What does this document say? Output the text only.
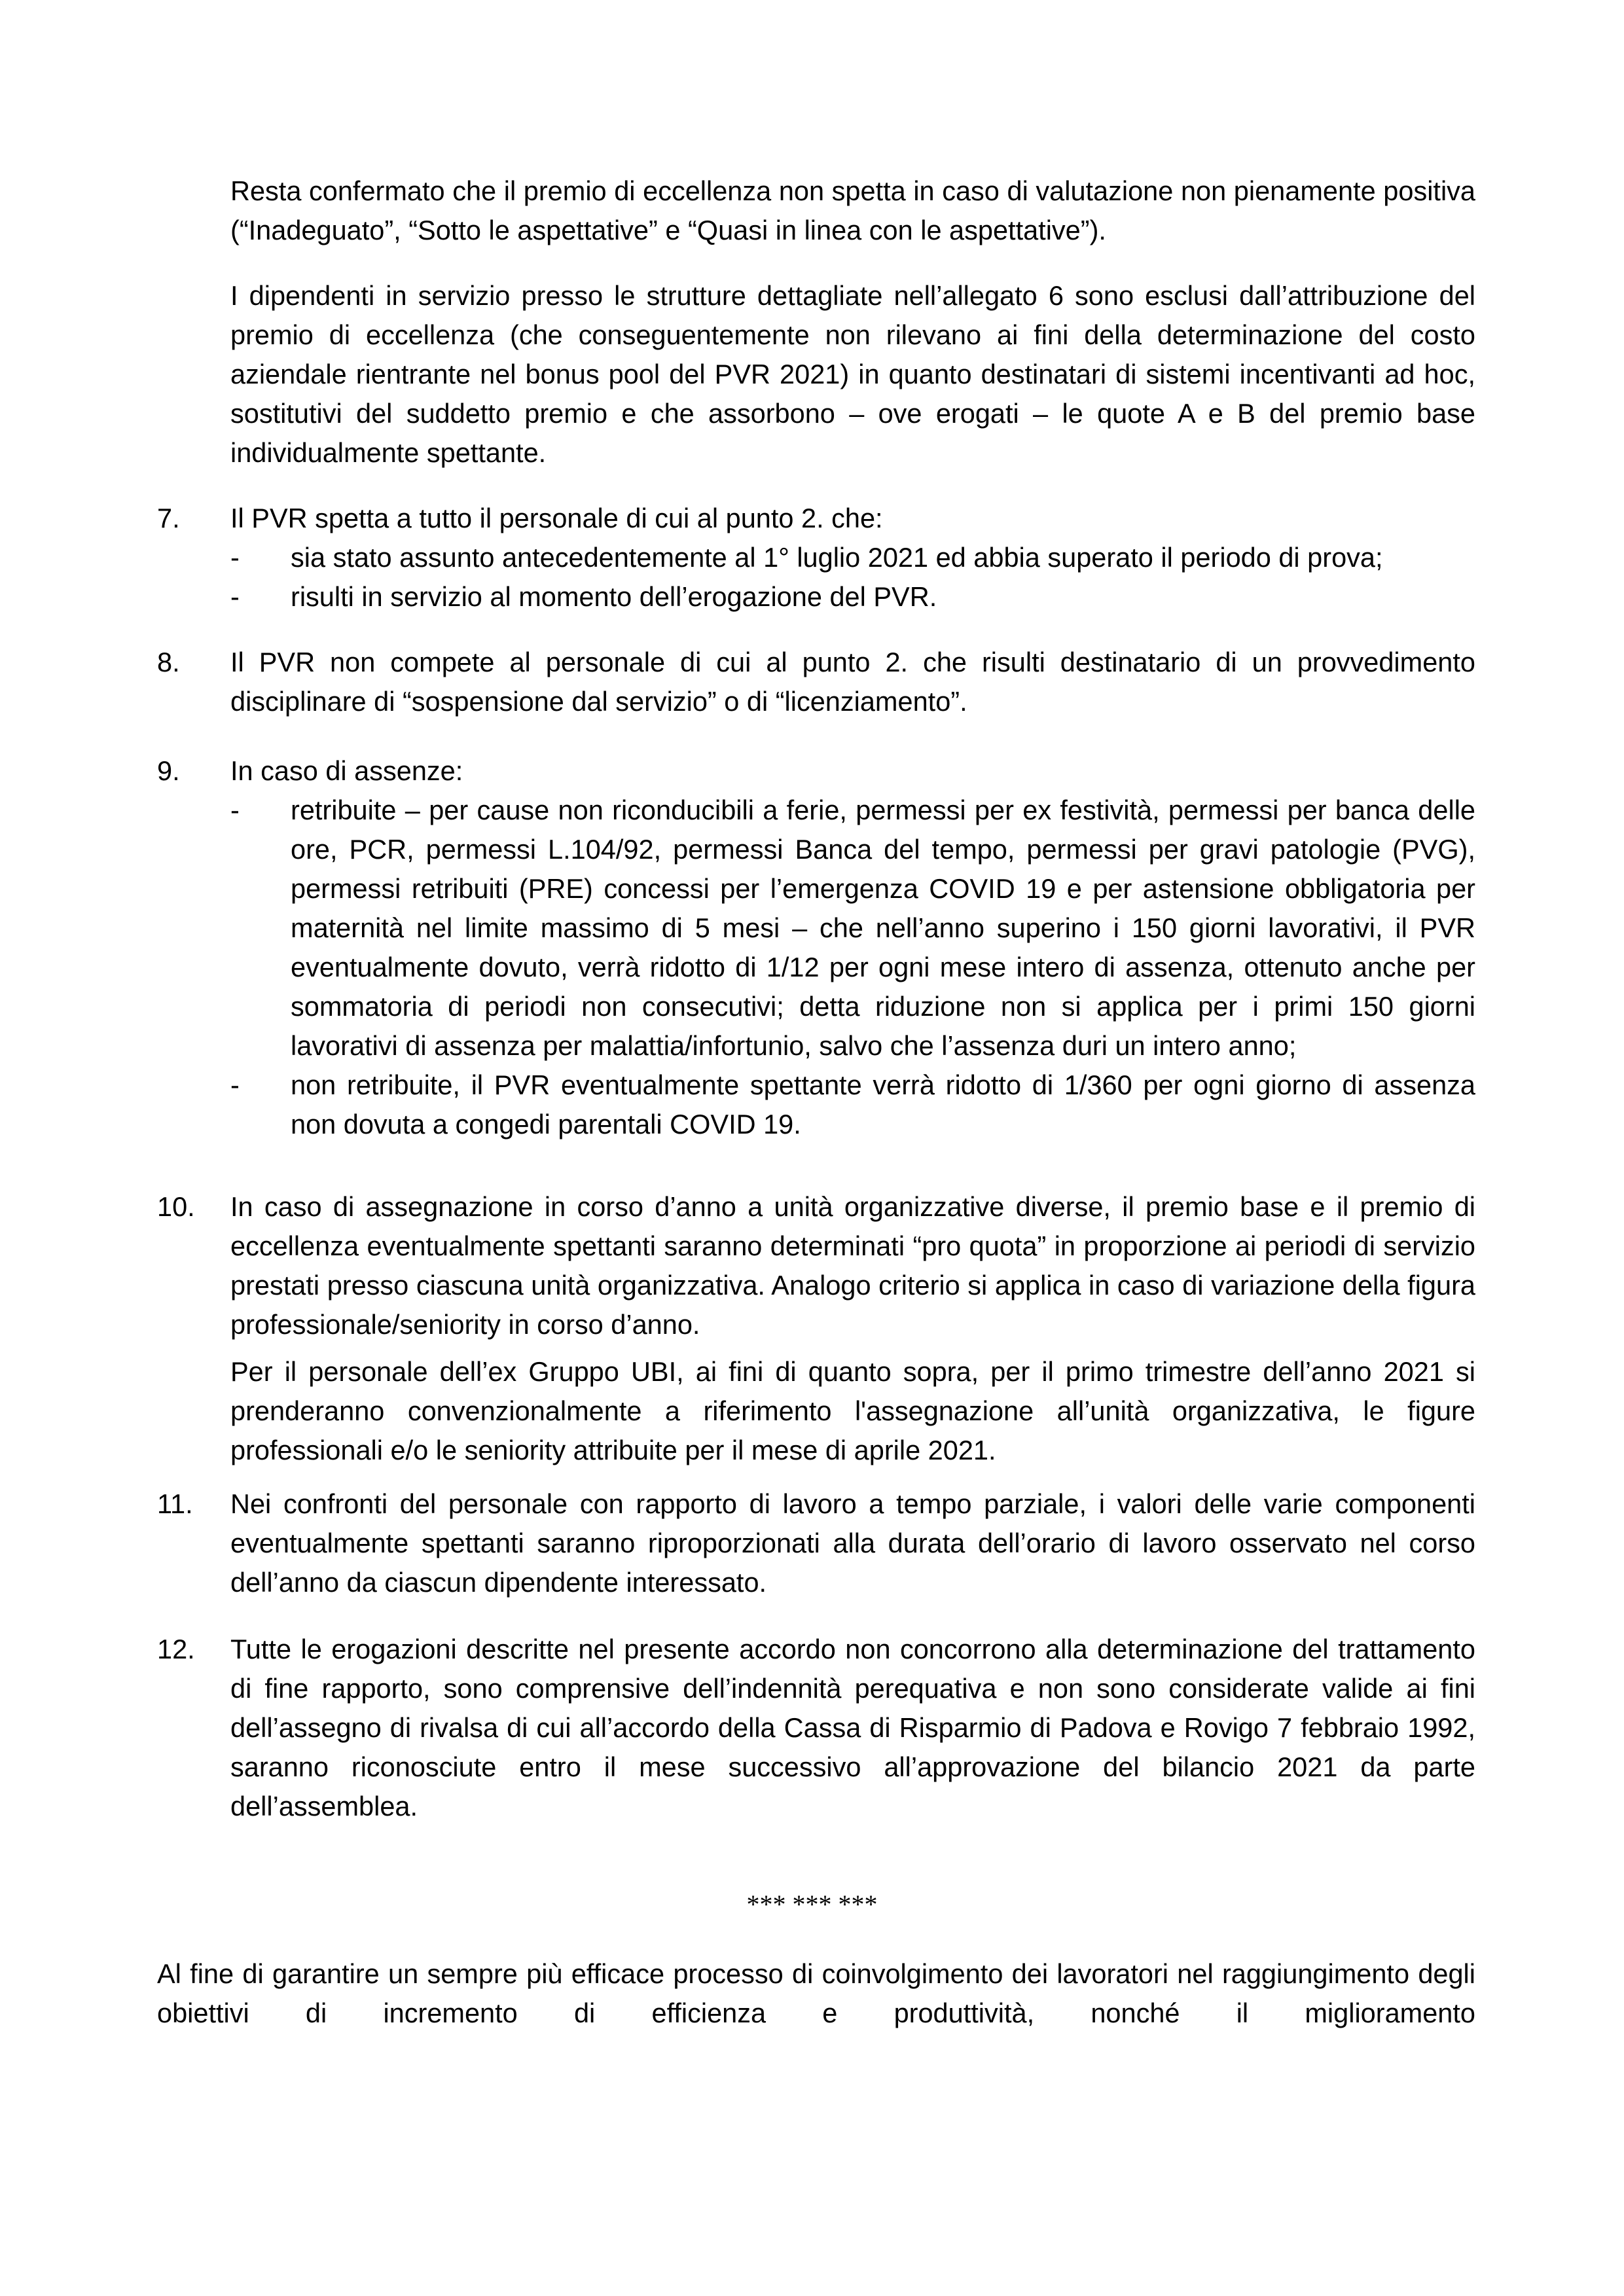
Resta confermato che il premio di eccellenza non spetta in caso di valutazione non pienamente positiva (“Inadeguato”, “Sotto le aspettative” e “Quasi in linea con le aspettative”).

I dipendenti in servizio presso le strutture dettagliate nell’allegato 6 sono esclusi dall’attribuzione del premio di eccellenza (che conseguentemente non rilevano ai fini della determinazione del costo aziendale rientrante nel bonus pool del PVR 2021) in quanto destinatari di sistemi incentivanti ad hoc, sostitutivi del suddetto premio e che assorbono – ove erogati – le quote A e B del premio base individualmente spettante.

7. Il PVR spetta a tutto il personale di cui al punto 2. che:

- sia stato assunto antecedentemente al 1° luglio 2021 ed abbia superato il periodo di prova;
- risulti in servizio al momento dell’erogazione del PVR.
8. Il PVR non compete al personale di cui al punto 2. che risulti destinatario di un provvedimento disciplinare di “sospensione dal servizio” o di “licenziamento”.

9. In caso di assenze:

- retribuite – per cause non riconducibili a ferie, permessi per ex festività, permessi per banca delle ore, PCR, permessi L.104/92, permessi Banca del tempo, permessi per gravi patologie (PVG), permessi retribuiti (PRE) concessi per l’emergenza COVID 19 e per astensione obbligatoria per maternità nel limite massimo di 5 mesi – che nell’anno superino i 150 giorni lavorativi, il PVR eventualmente dovuto, verrà ridotto di 1/12 per ogni mese intero di assenza, ottenuto anche per sommatoria di periodi non consecutivi; detta riduzione non si applica per i primi 150 giorni lavorativi di assenza per malattia/infortunio, salvo che l’assenza duri un intero anno;
- non retribuite, il PVR eventualmente spettante verrà ridotto di 1/360 per ogni giorno di assenza non dovuta a congedi parentali COVID 19.
10. In caso di assegnazione in corso d’anno a unità organizzative diverse, il premio base e il premio di eccellenza eventualmente spettanti saranno determinati “pro quota” in proporzione ai periodi di servizio prestati presso ciascuna unità organizzativa. Analogo criterio si applica in caso di variazione della figura professionale/seniority in corso d’anno.

Per il personale dell’ex Gruppo UBI, ai fini di quanto sopra, per il primo trimestre dell’anno 2021 si prenderanno convenzionalmente a riferimento l'assegnazione all’unità organizzativa, le figure professionali e/o le seniority attribuite per il mese di aprile 2021.

11. Nei confronti del personale con rapporto di lavoro a tempo parziale, i valori delle varie componenti eventualmente spettanti saranno riproporzionati alla durata dell’orario di lavoro osservato nel corso dell’anno da ciascun dipendente interessato.

12. Tutte le erogazioni descritte nel presente accordo non concorrono alla determinazione del trattamento di fine rapporto, sono comprensive dell’indennità perequativa e non sono considerate valide ai fini dell’assegno di rivalsa di cui all’accordo della Cassa di Risparmio di Padova e Rovigo 7 febbraio 1992, saranno riconosciute entro il mese successivo all’approvazione del bilancio 2021 da parte dell’assemblea.

*** *** ***

Al fine di garantire un sempre più efficace processo di coinvolgimento dei lavoratori nel raggiungimento degli obiettivi di incremento di efficienza e produttività, nonché il miglioramento
